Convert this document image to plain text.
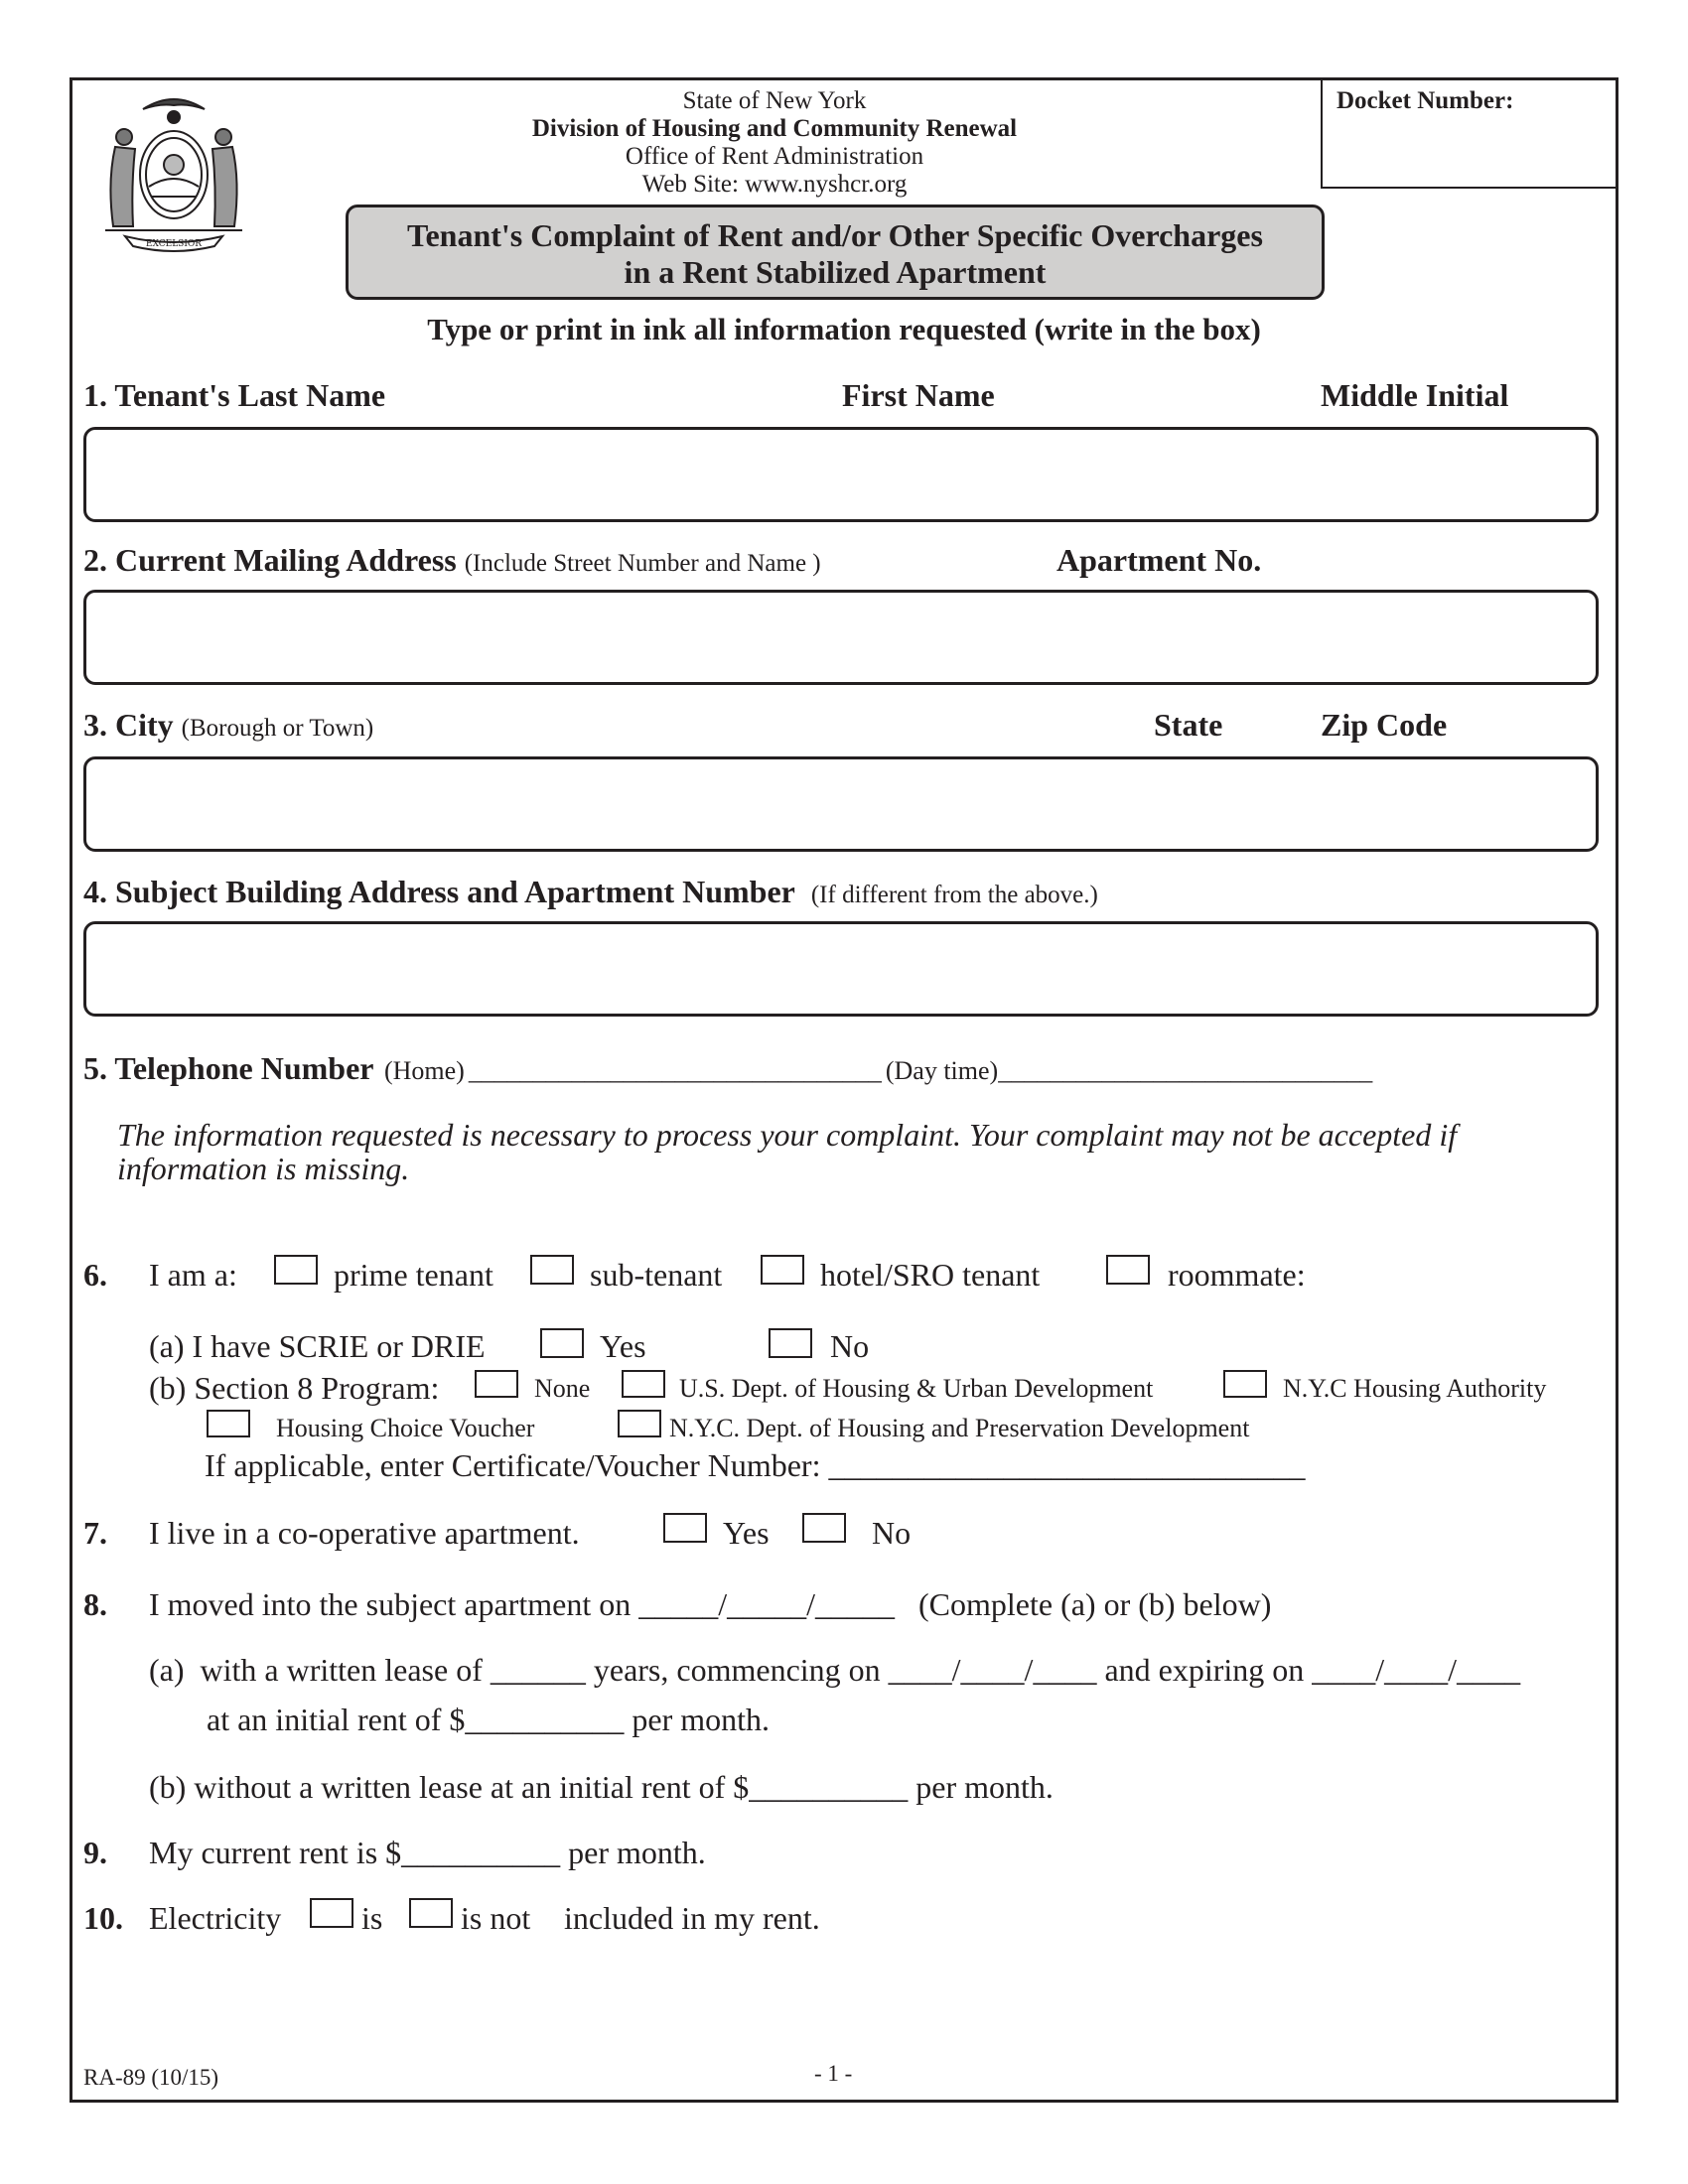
EXCELSIOR
State of New York
Division of Housing and Community Renewal
Office of Rent Administration
Web Site: www.nyshcr.org
Docket Number:
Tenant's Complaint of Rent and/or Other Specific Overcharges
in a Rent Stabilized Apartment
Type or print in ink all information requested (write in the box)
1. Tenant's Last Name	First Name	Middle Initial
2. Current Mailing Address (Include Street Number and Name )	Apartment No.
3. City (Borough or Town)	State	Zip Code
4. Subject Building Address and Apartment Number (If different from the above.)
5. Telephone Number (Home) ________________________________ (Day time)_____________________________
The information requested is necessary to process your complaint. Your complaint may not be accepted if
information is missing.
6. I am a:	prime tenant	sub-tenant	hotel/SRO tenant	roommate:
(a) I have SCRIE or DRIE	Yes	No
(b) Section 8 Program:	None	U.S. Dept. of Housing & Urban Development	N.Y.C Housing Authority
Housing Choice Voucher	N.Y.C. Dept. of Housing and Preservation Development
If applicable, enter Certificate/Voucher Number: ______________________________
7. I live in a co-operative apartment.	Yes	No
8. I moved into the subject apartment on _____/_____/_____   (Complete (a) or (b) below)
(a)  with a written lease of ______ years, commencing on ____/____/____ and expiring on ____/____/____
at an initial rent of $__________ per month.
(b) without a written lease at an initial rent of $__________ per month.
9. My current rent is $__________ per month.
10. Electricity	is is not included in my rent.
RA-89 (10/15)	- 1 -
